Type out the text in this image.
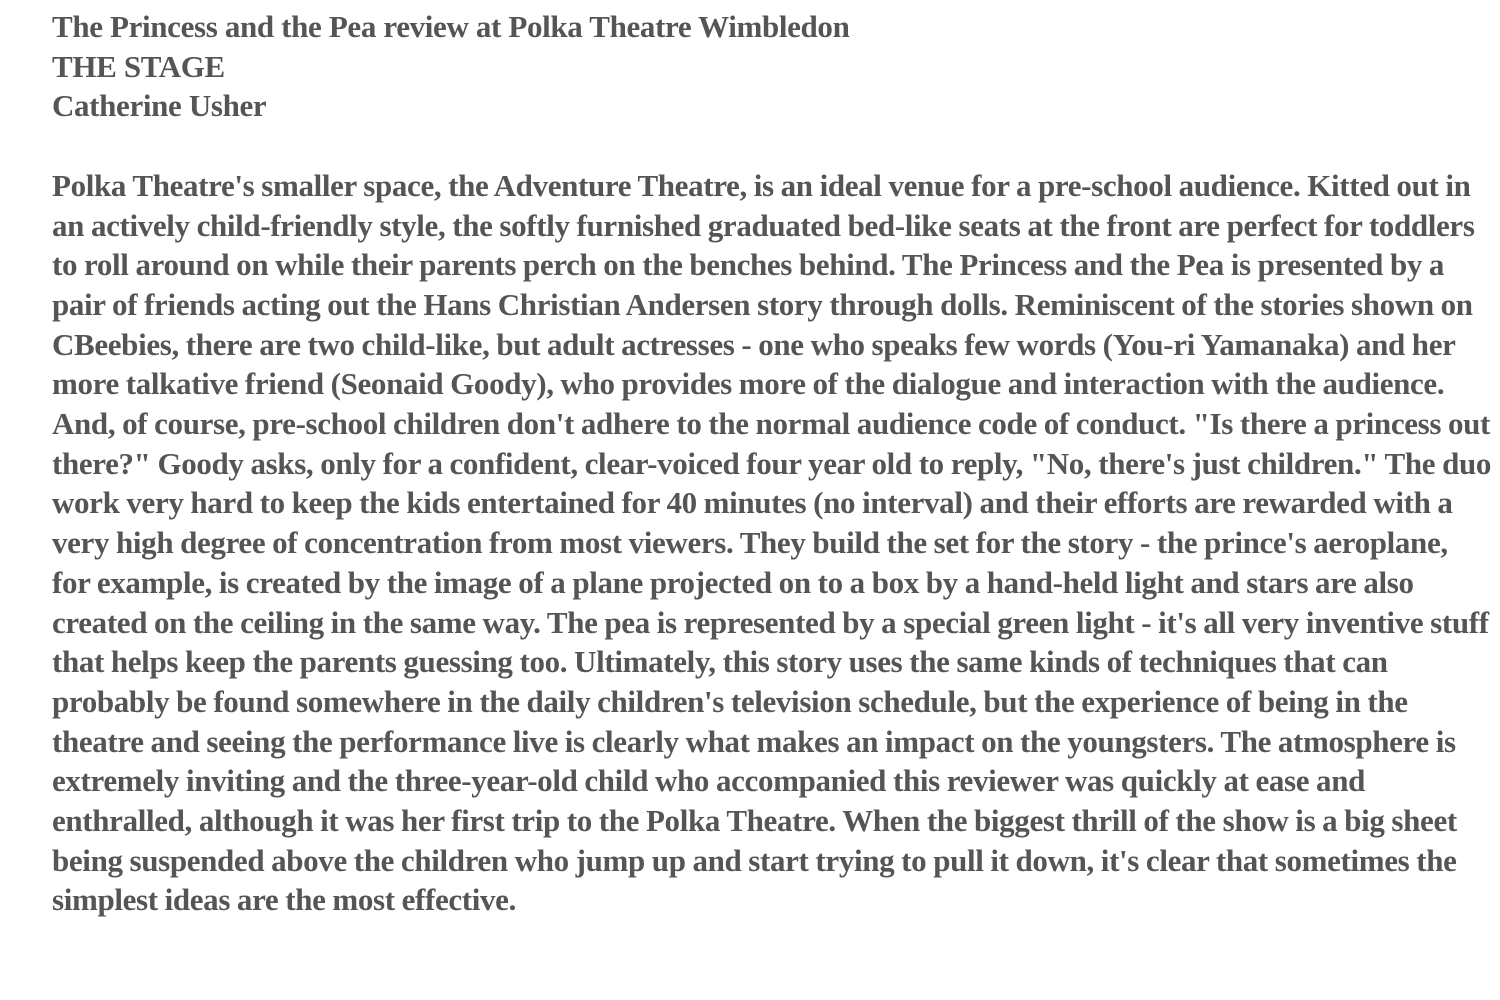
The Princess and the Pea review at Polka Theatre Wimbledon
THE STAGE
Catherine Usher
Polka Theatre's smaller space, the Adventure Theatre, is an ideal venue for a pre-school audience. Kitted out in an actively child-friendly style, the softly furnished graduated bed-like seats at the front are perfect for toddlers to roll around on while their parents perch on the benches behind. The Princess and the Pea is presented by a pair of friends acting out the Hans Christian Andersen story through dolls. Reminiscent of the stories shown on CBeebies, there are two child-like, but adult actresses - one who speaks few words (You-ri Yamanaka) and her more talkative friend (Seonaid Goody), who provides more of the dialogue and interaction with the audience. And, of course, pre-school children don't adhere to the normal audience code of conduct. "Is there a princess out there?" Goody asks, only for a confident, clear-voiced four year old to reply, "No, there's just children." The duo work very hard to keep the kids entertained for 40 minutes (no interval) and their efforts are rewarded with a very high degree of concentration from most viewers. They build the set for the story - the prince's aeroplane, for example, is created by the image of a plane projected on to a box by a hand-held light and stars are also created on the ceiling in the same way. The pea is represented by a special green light - it's all very inventive stuff that helps keep the parents guessing too. Ultimately, this story uses the same kinds of techniques that can probably be found somewhere in the daily children's television schedule, but the experience of being in the theatre and seeing the performance live is clearly what makes an impact on the youngsters. The atmosphere is extremely inviting and the three-year-old child who accompanied this reviewer was quickly at ease and enthralled, although it was her first trip to the Polka Theatre. When the biggest thrill of the show is a big sheet being suspended above the children who jump up and start trying to pull it down, it's clear that sometimes the simplest ideas are the most effective.
